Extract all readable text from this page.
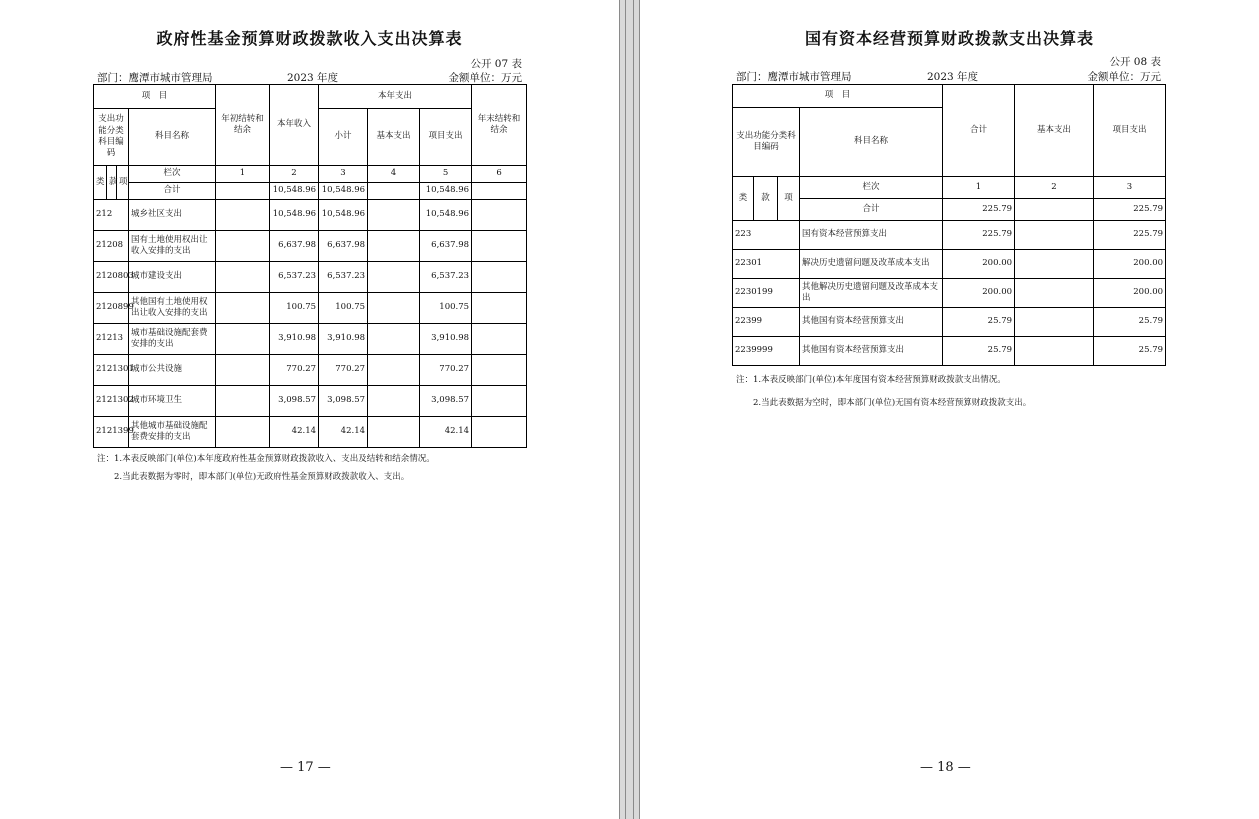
政府性基金预算财政拨款收入支出决算表
公开 07 表
部门：鹰潭市城市管理局	2023 年度	金额单位：万元
项　目				年初结转和结余	本年收入	本年支出			年末结转和结余
支出功能分类科目编码			科目名称			小计	基本支出	项目支出	
类	款	项	栏次	1	2	3	4	5	6
			合计		10,548.96	10,548.96		10,548.96	
212			城乡社区支出		10,548.96	10,548.96		10,548.96	
21208			国有土地使用权出让收入安排的支出		6,637.98	6,637.98		6,637.98	
2120803			城市建设支出		6,537.23	6,537.23		6,537.23	
2120899			其他国有土地使用权出让收入安排的支出		100.75	100.75		100.75	
21213			城市基础设施配套费安排的支出		3,910.98	3,910.98		3,910.98	
2121301			城市公共设施		770.27	770.27		770.27	
2121302			城市环境卫生		3,098.57	3,098.57		3,098.57	
2121399			其他城市基础设施配套费安排的支出		42.14	42.14		42.14	
注：1.本表反映部门(单位)本年度政府性基金预算财政拨款收入、支出及结转和结余情况。
2.当此表数据为零时，即本部门(单位)无政府性基金预算财政拨款收入、支出。
— 17 —
国有资本经营预算财政拨款支出决算表
公开 08 表
部门：鹰潭市城市管理局	2023 年度	金额单位：万元
项　目				合计	基本支出	项目支出
支出功能分类科目编码			科目名称			
类	款	项	栏次	1	2	3
			合计	225.79		225.79
223			国有资本经营预算支出	225.79		225.79
22301			解决历史遗留问题及改革成本支出	200.00		200.00
2230199			其他解决历史遗留问题及改革成本支出	200.00		200.00
22399			其他国有资本经营预算支出	25.79		25.79
2239999			其他国有资本经营预算支出	25.79		25.79
注：1.本表反映部门(单位)本年度国有资本经营预算财政拨款支出情况。
2.当此表数据为空时，即本部门(单位)无国有资本经营预算财政拨款支出。
— 18 —
